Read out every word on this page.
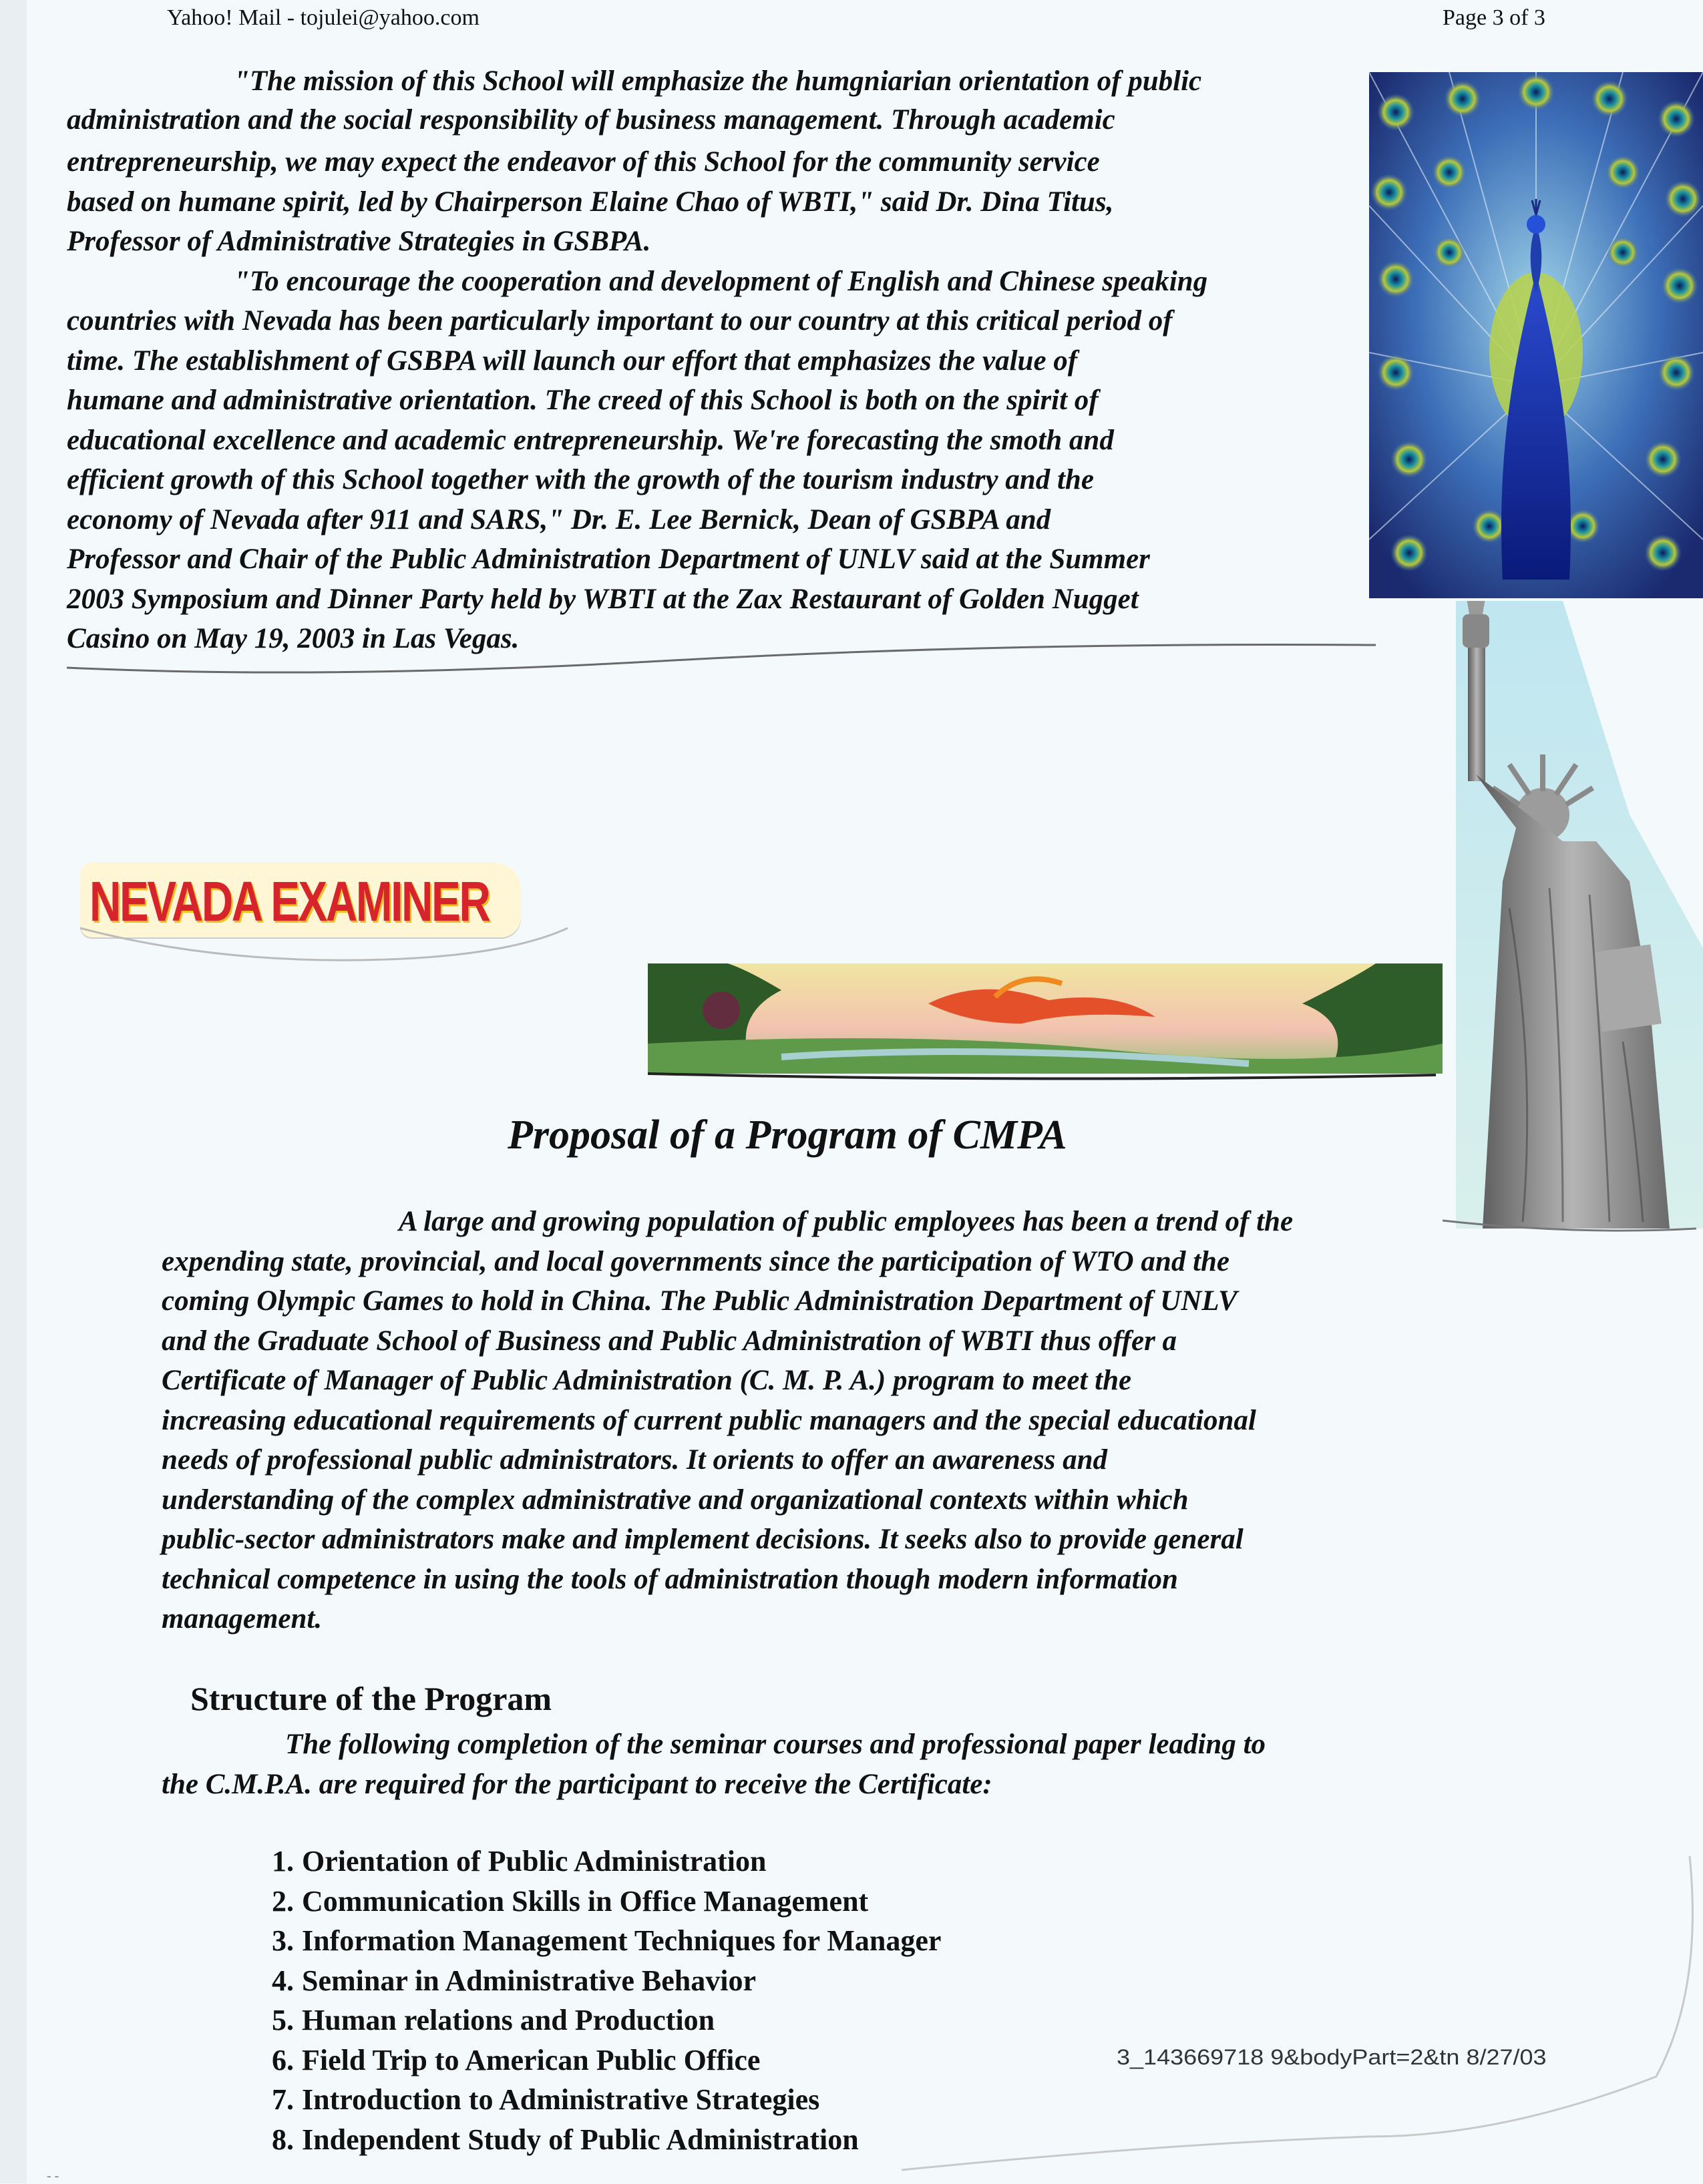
Yahoo! Mail - tojulei@yahoo.com	Page 3 of 3
"The mission of this School will emphasize the humgniarian orientation of public
administration and the social responsibility of business management. Through academic
entrepreneurship, we may expect the endeavor of this School for the community service
based on humane spirit, led by Chairperson Elaine Chao of WBTI," said Dr. Dina Titus,
Professor of Administrative Strategies in GSBPA.
"To encourage the cooperation and development of English and Chinese speaking
countries with Nevada has been particularly important to our country at this critical period of
time. The establishment of GSBPA will launch our effort that emphasizes the value of
humane and administrative orientation. The creed of this School is both on the spirit of
educational excellence and academic entrepreneurship. We're forecasting the smoth and
efficient growth of this School together with the growth of the tourism industry and the
economy of Nevada after 911 and SARS," Dr. E. Lee Bernick, Dean of GSBPA and
Professor and Chair of the Public Administration Department of UNLV said at the Summer
2003 Symposium and Dinner Party held by WBTI at the Zax Restaurant of Golden Nugget
Casino on May 19, 2003 in Las Vegas.
NEVADA EXAMINER
Proposal of a Program of CMPA
A large and growing population of public employees has been a trend of the
expending state, provincial, and local governments since the participation of WTO and the
coming Olympic Games to hold in China. The Public Administration Department of UNLV
and the Graduate School of Business and Public Administration of WBTI thus offer a
Certificate of Manager of Public Administration (C. M. P. A.) program to meet the
increasing educational requirements of current public managers and the special educational
needs of professional public administrators. It orients to offer an awareness and
understanding of the complex administrative and organizational contexts within which
public-sector administrators make and implement decisions. It seeks also to provide general
technical competence in using the tools of administration though modern information
management.
Structure of the Program
The following completion of the seminar courses and professional paper leading to
the C.M.P.A. are required for the participant to receive the Certificate:
1. Orientation of Public Administration
2. Communication Skills in Office Management
3. Information Management Techniques for Manager
4. Seminar in Administrative Behavior
5. Human relations and Production
6. Field Trip to American Public Office
7. Introduction to Administrative Strategies
8. Independent Study of Public Administration
3_143669718 9&bodyPart=2&tn 8/27/03
- -
